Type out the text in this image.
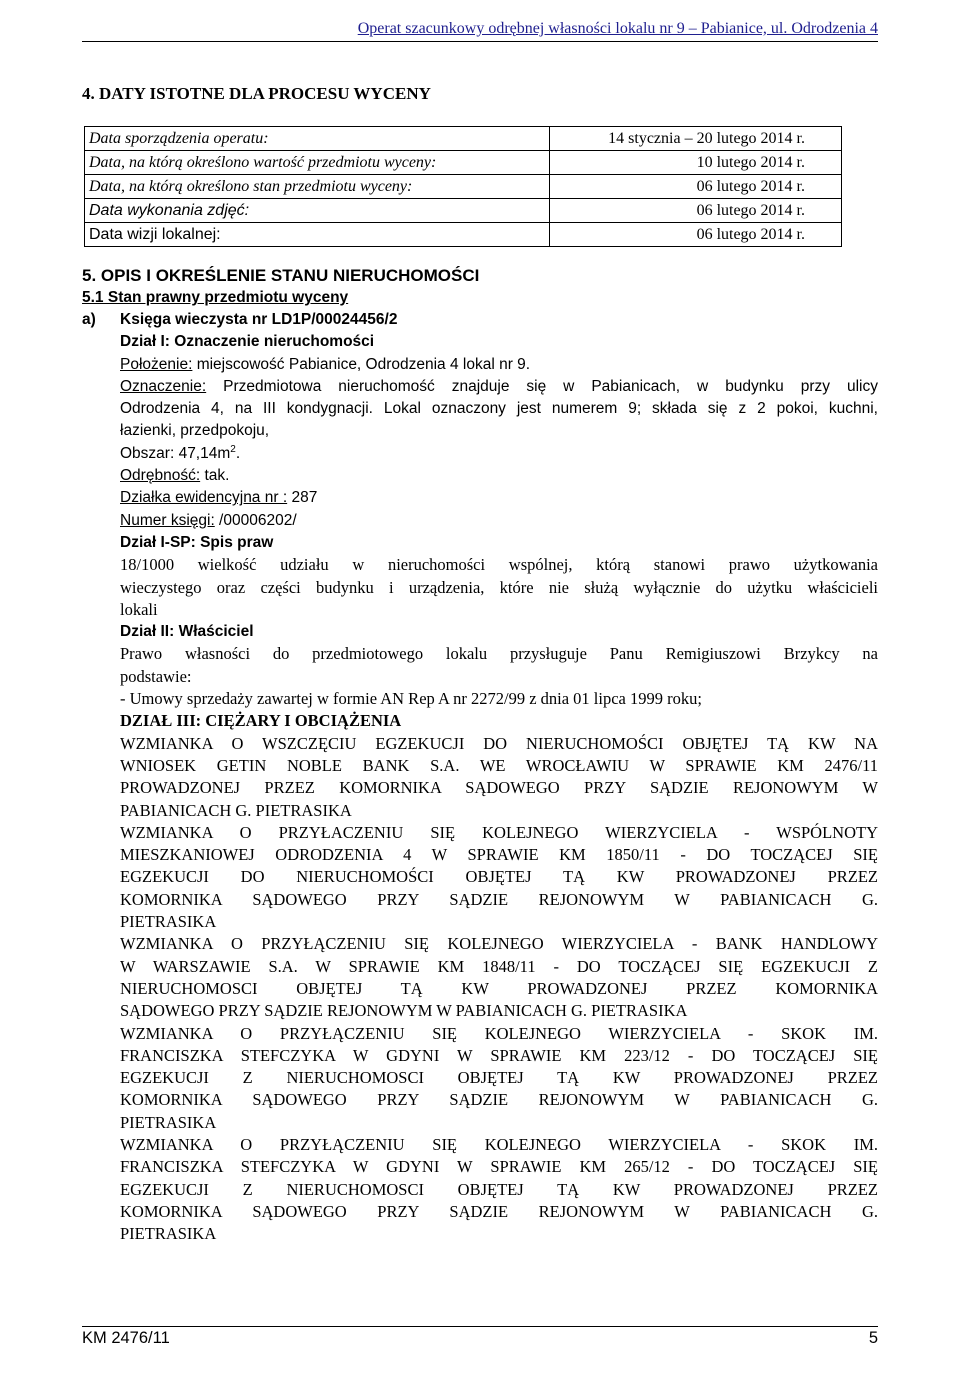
Operat szacunkowy odrębnej własności lokalu nr 9 – Pabianice, ul. Odrodzenia 4
4. DATY ISTOTNE DLA PROCESU WYCENY
Data sporządzenia operatu:	14 stycznia – 20 lutego 2014 r.
Data, na którą określono wartość przedmiotu wyceny:	10 lutego 2014 r.
Data, na którą określono stan przedmiotu wyceny:	06 lutego 2014 r.
Data wykonania zdjęć:	06 lutego 2014 r.
Data wizji lokalnej:	06 lutego 2014 r.
5. OPIS I OKREŚLENIE STANU NIERUCHOMOŚCI
5.1 Stan prawny przedmiotu wyceny
a)	Księga wieczysta nr LD1P/00024456/2
Dział I: Oznaczenie nieruchomości
Położenie: miejscowość Pabianice, Odrodzenia 4 lokal nr 9.
Oznaczenie: Przedmiotowa nieruchomość znajduje się w Pabianicach, w budynku przy ulicy
Odrodzenia 4, na III kondygnacji. Lokal oznaczony jest numerem 9; składa się z 2 pokoi, kuchni,
łazienki, przedpokoju,
Obszar: $47,14m^2$.
Odrębność: tak.
Działka ewidencyjna nr : 287
Numer księgi: /00006202/
Dział I-SP: Spis praw
18/1000 wielkość udziału w nieruchomości wspólnej, którą stanowi prawo użytkowania
wieczystego oraz części budynku i urządzenia, które nie służą wyłącznie do użytku właścicieli
lokali
Dział II: Właściciel
Prawo własności do przedmiotowego lokalu przysługuje Panu Remigiuszowi Brzykcy na
podstawie:
- Umowy sprzedaży zawartej w formie AN Rep A nr 2272/99 z dnia 01 lipca 1999 roku;
DZIAŁ III: CIĘŻARY I OBCIĄŻENIA
WZMIANKA O WSZCZĘCIU EGZEKUCJI DO NIERUCHOMOŚCI OBJĘTEJ TĄ KW NA
WNIOSEK GETIN NOBLE BANK S.A. WE WROCŁAWIU W SPRAWIE KM 2476/11
PROWADZONEJ PRZEZ KOMORNIKA SĄDOWEGO PRZY SĄDZIE REJONOWYM W
PABIANICACH G. PIETRASIKA
WZMIANKA O PRZYŁACZENIU SIĘ KOLEJNEGO WIERZYCIELA - WSPÓLNOTY
MIESZKANIOWEJ ODRODZENIA 4 W SPRAWIE KM 1850/11 - DO TOCZĄCEJ SIĘ
EGZEKUCJI DO NIERUCHOMOŚCI OBJĘTEJ TĄ KW PROWADZONEJ PRZEZ
KOMORNIKA SĄDOWEGO PRZY SĄDZIE REJONOWYM W PABIANICACH G.
PIETRASIKA
WZMIANKA O PRZYŁĄCZENIU SIĘ KOLEJNEGO WIERZYCIELA - BANK HANDLOWY
W WARSZAWIE S.A. W SPRAWIE KM 1848/11 - DO TOCZĄCEJ SIĘ EGZEKUCJI Z
NIERUCHOMOSCI OBJĘTEJ TĄ KW PROWADZONEJ PRZEZ KOMORNIKA
SĄDOWEGO PRZY SĄDZIE REJONOWYM W PABIANICACH G. PIETRASIKA
WZMIANKA O PRZYŁĄCZENIU SIĘ KOLEJNEGO WIERZYCIELA - SKOK IM.
FRANCISZKA STEFCZYKA W GDYNI W SPRAWIE KM 223/12 - DO TOCZĄCEJ SIĘ
EGZEKUCJI Z NIERUCHOMOSCI OBJĘTEJ TĄ KW PROWADZONEJ PRZEZ
KOMORNIKA SĄDOWEGO PRZY SĄDZIE REJONOWYM W PABIANICACH G.
PIETRASIKA
WZMIANKA O PRZYŁĄCZENIU SIĘ KOLEJNEGO WIERZYCIELA - SKOK IM.
FRANCISZKA STEFCZYKA W GDYNI W SPRAWIE KM 265/12 - DO TOCZĄCEJ SIĘ
EGZEKUCJI Z NIERUCHOMOSCI OBJĘTEJ TĄ KW PROWADZONEJ PRZEZ
KOMORNIKA SĄDOWEGO PRZY SĄDZIE REJONOWYM W PABIANICACH G.
PIETRASIKA
KM 2476/11	5
